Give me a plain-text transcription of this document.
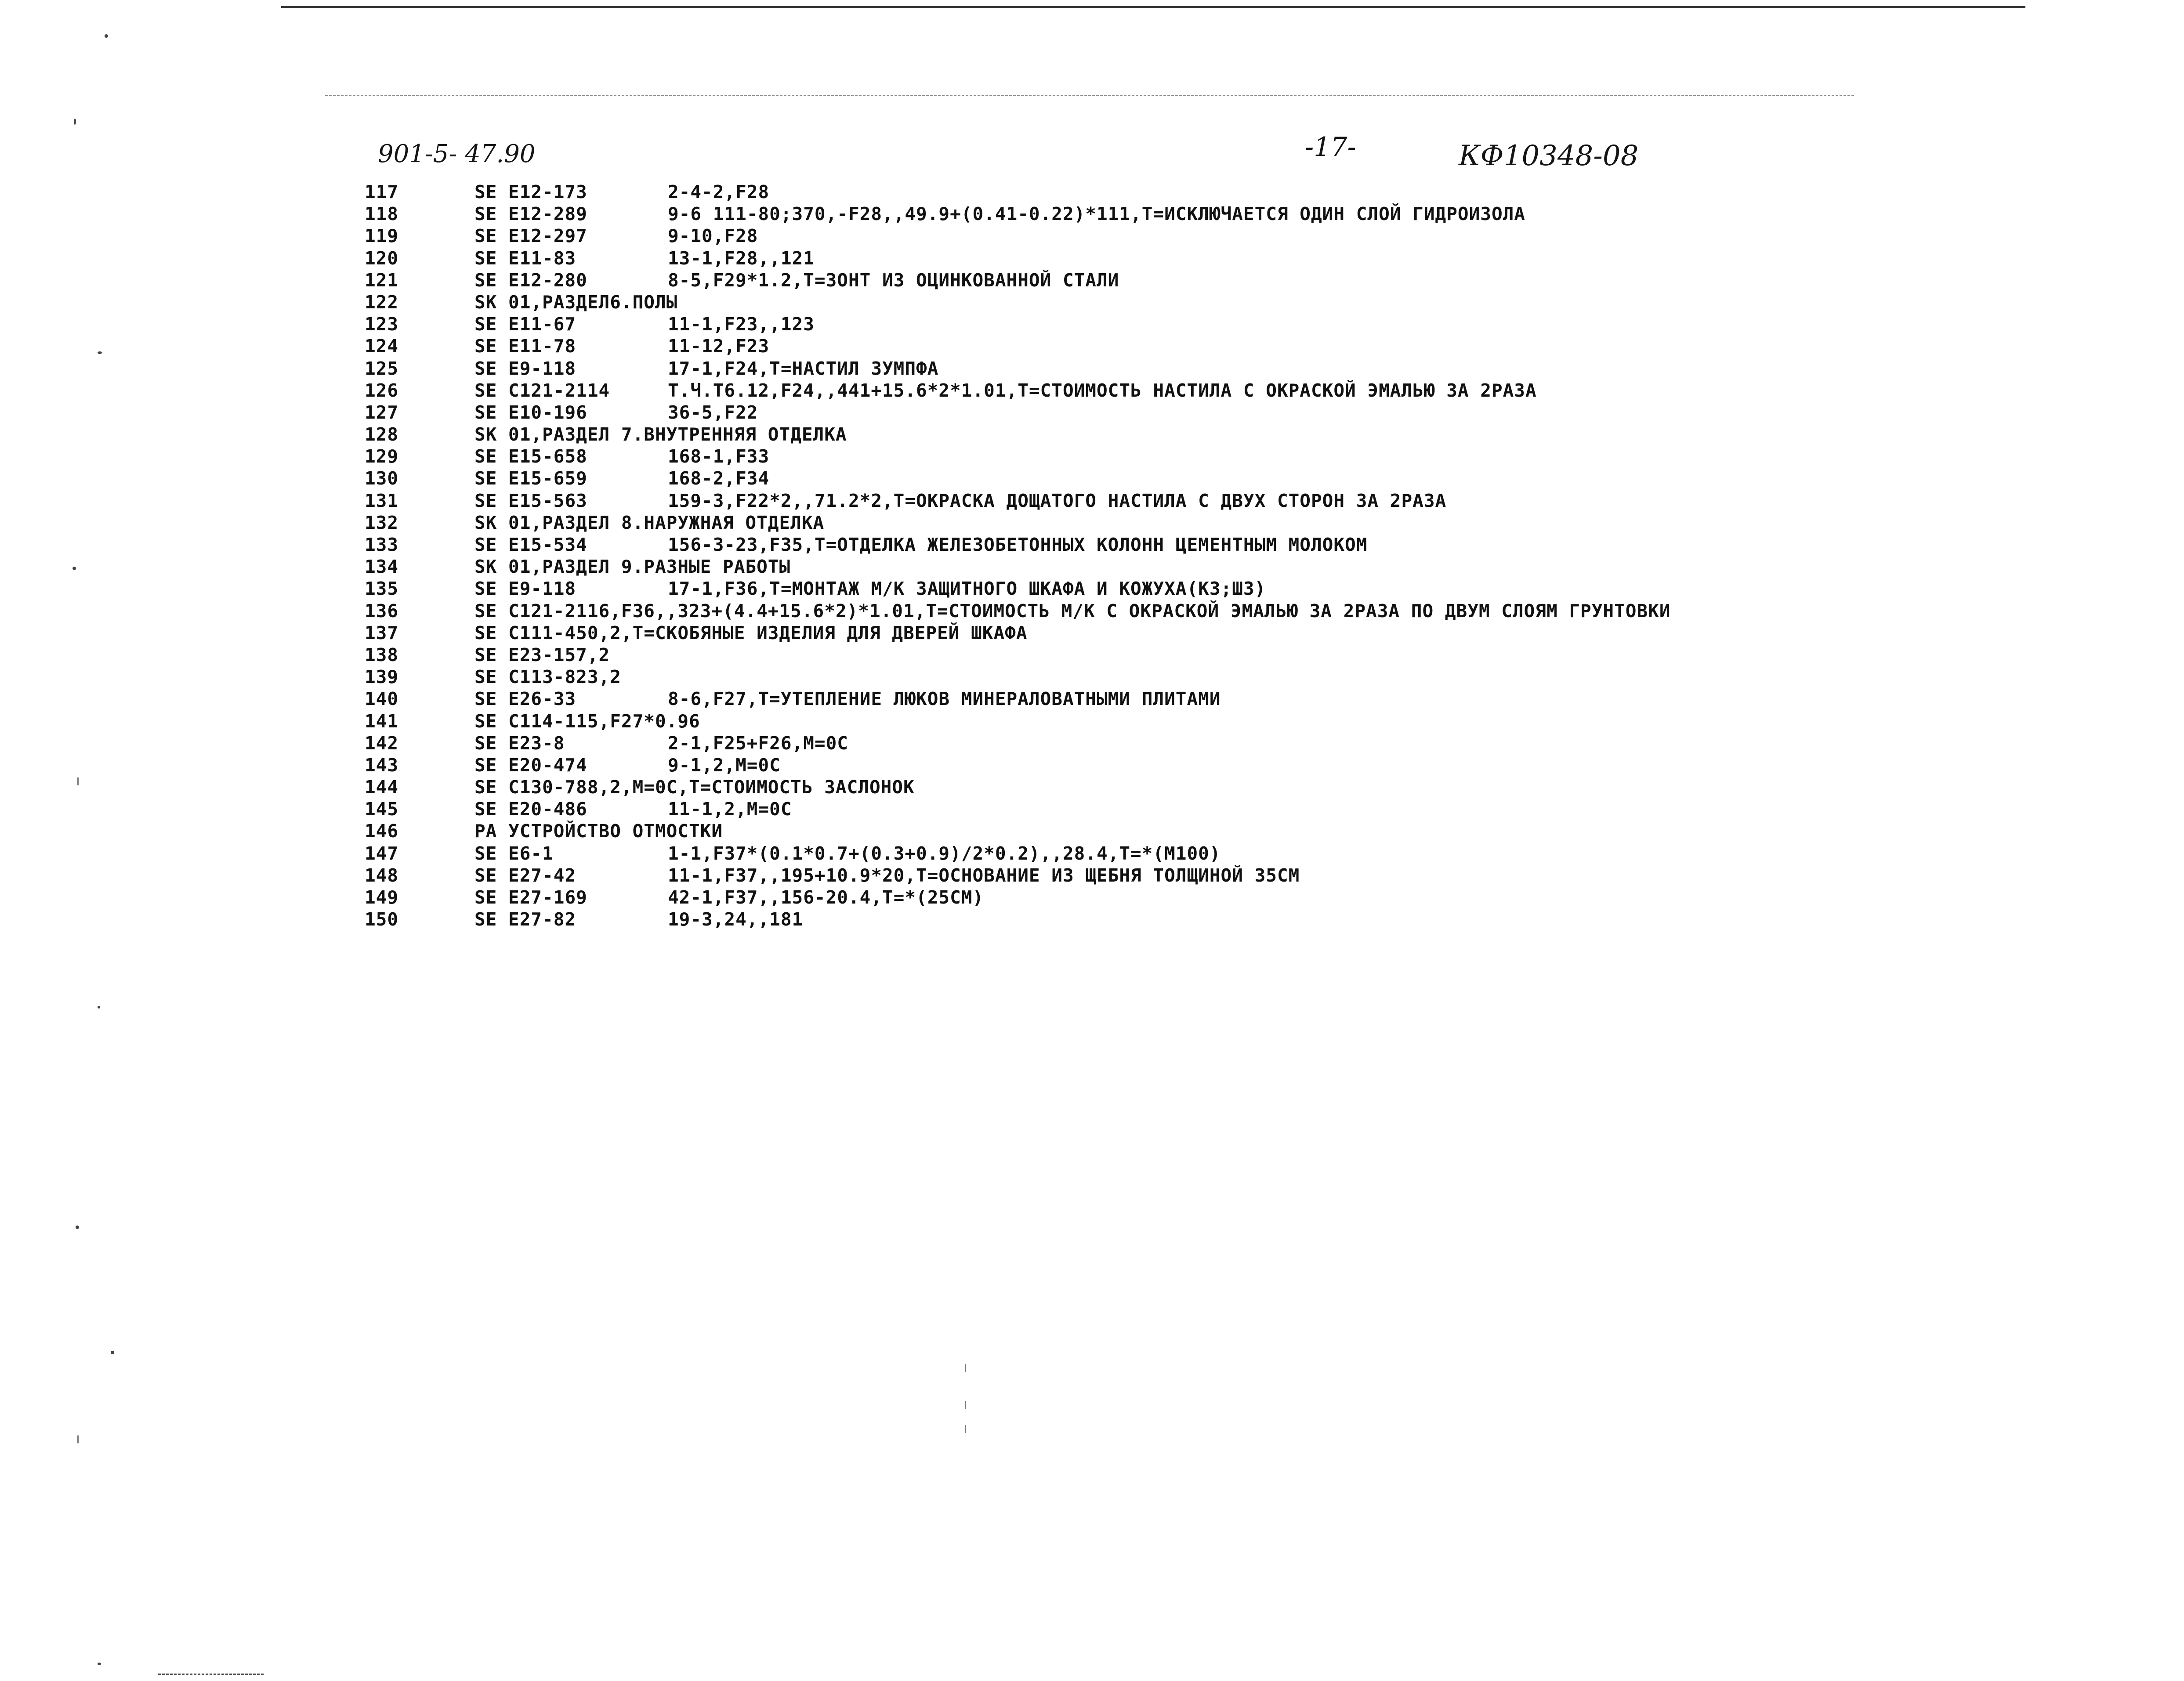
901-5- 47.90	-17-	КФ10348-08
117	SE E12-173	2-4-2,F28
118	SE E12-289	9-6 111-80;370,-F28,,49.9+(0.41-0.22)*111,T=ИСКЛЮЧАЕТСЯ ОДИН СЛОЙ ГИДРОИЗОЛА
119	SE E12-297	9-10,F28
120	SE E11-83	13-1,F28,,121
121	SE E12-280	8-5,F29*1.2,T=ЗОНТ ИЗ ОЦИНКОВАННОЙ СТАЛИ
122	SK 01,РАЗДЕЛ6.ПОЛЫ
123	SE E11-67	11-1,F23,,123
124	SE E11-78	11-12,F23
125	SE E9-118	17-1,F24,T=НАСТИЛ ЗУМПФА
126	SE C121-2114	T.Ч.T6.12,F24,,441+15.6*2*1.01,T=СТОИМОСТЬ НАСТИЛА С ОКРАСКОЙ ЭМАЛЬЮ ЗА 2РАЗА
127	SE E10-196	36-5,F22
128	SK 01,РАЗДЕЛ 7.ВНУТРЕННЯЯ ОТДЕЛКА
129	SE E15-658	168-1,F33
130	SE E15-659	168-2,F34
131	SE E15-563	159-3,F22*2,,71.2*2,T=ОКРАСКА ДОЩАТОГО НАСТИЛА С ДВУХ СТОРОН ЗА 2РАЗА
132	SK 01,РАЗДЕЛ 8.НАРУЖНАЯ ОТДЕЛКА
133	SE E15-534	156-3-23,F35,T=ОТДЕЛКА ЖЕЛЕЗОБЕТОННЫХ КОЛОНН ЦЕМЕНТНЫМ МОЛОКОМ
134	SK 01,РАЗДЕЛ 9.РАЗНЫЕ РАБОТЫ
135	SE E9-118	17-1,F36,T=МОНТАЖ М/К ЗАЩИТНОГО ШКАФА И КОЖУХА(КЗ;ШЗ)
136	SE C121-2116,F36,,323+(4.4+15.6*2)*1.01,T=СТОИМОСТЬ М/К С ОКРАСКОЙ ЭМАЛЬЮ ЗА 2РАЗА ПО ДВУМ СЛОЯМ ГРУНТОВКИ
137	SE C111-450,2,T=СКОБЯНЫЕ ИЗДЕЛИЯ ДЛЯ ДВЕРЕЙ ШКАФА
138	SE E23-157,2
139	SE C113-823,2
140	SE E26-33	8-6,F27,T=УТЕПЛЕНИЕ ЛЮКОВ МИНЕРАЛОВАТНЫМИ ПЛИТАМИ
141	SE C114-115,F27*0.96
142	SE E23-8	2-1,F25+F26,M=0C
143	SE E20-474	9-1,2,M=0C
144	SE C130-788,2,M=0C,T=СТОИМОСТЬ ЗАСЛОНОК
145	SE E20-486	11-1,2,M=0C
146	PA УСТРОЙСТВО ОТМОСТКИ
147	SE E6-1	1-1,F37*(0.1*0.7+(0.3+0.9)/2*0.2),,28.4,T=*(M100)
148	SE E27-42	11-1,F37,,195+10.9*20,T=ОСНОВАНИЕ ИЗ ЩЕБНЯ ТОЛЩИНОЙ 35СМ
149	SE E27-169	42-1,F37,,156-20.4,T=*(25CM)
150	SE E27-82	19-3,24,,181
